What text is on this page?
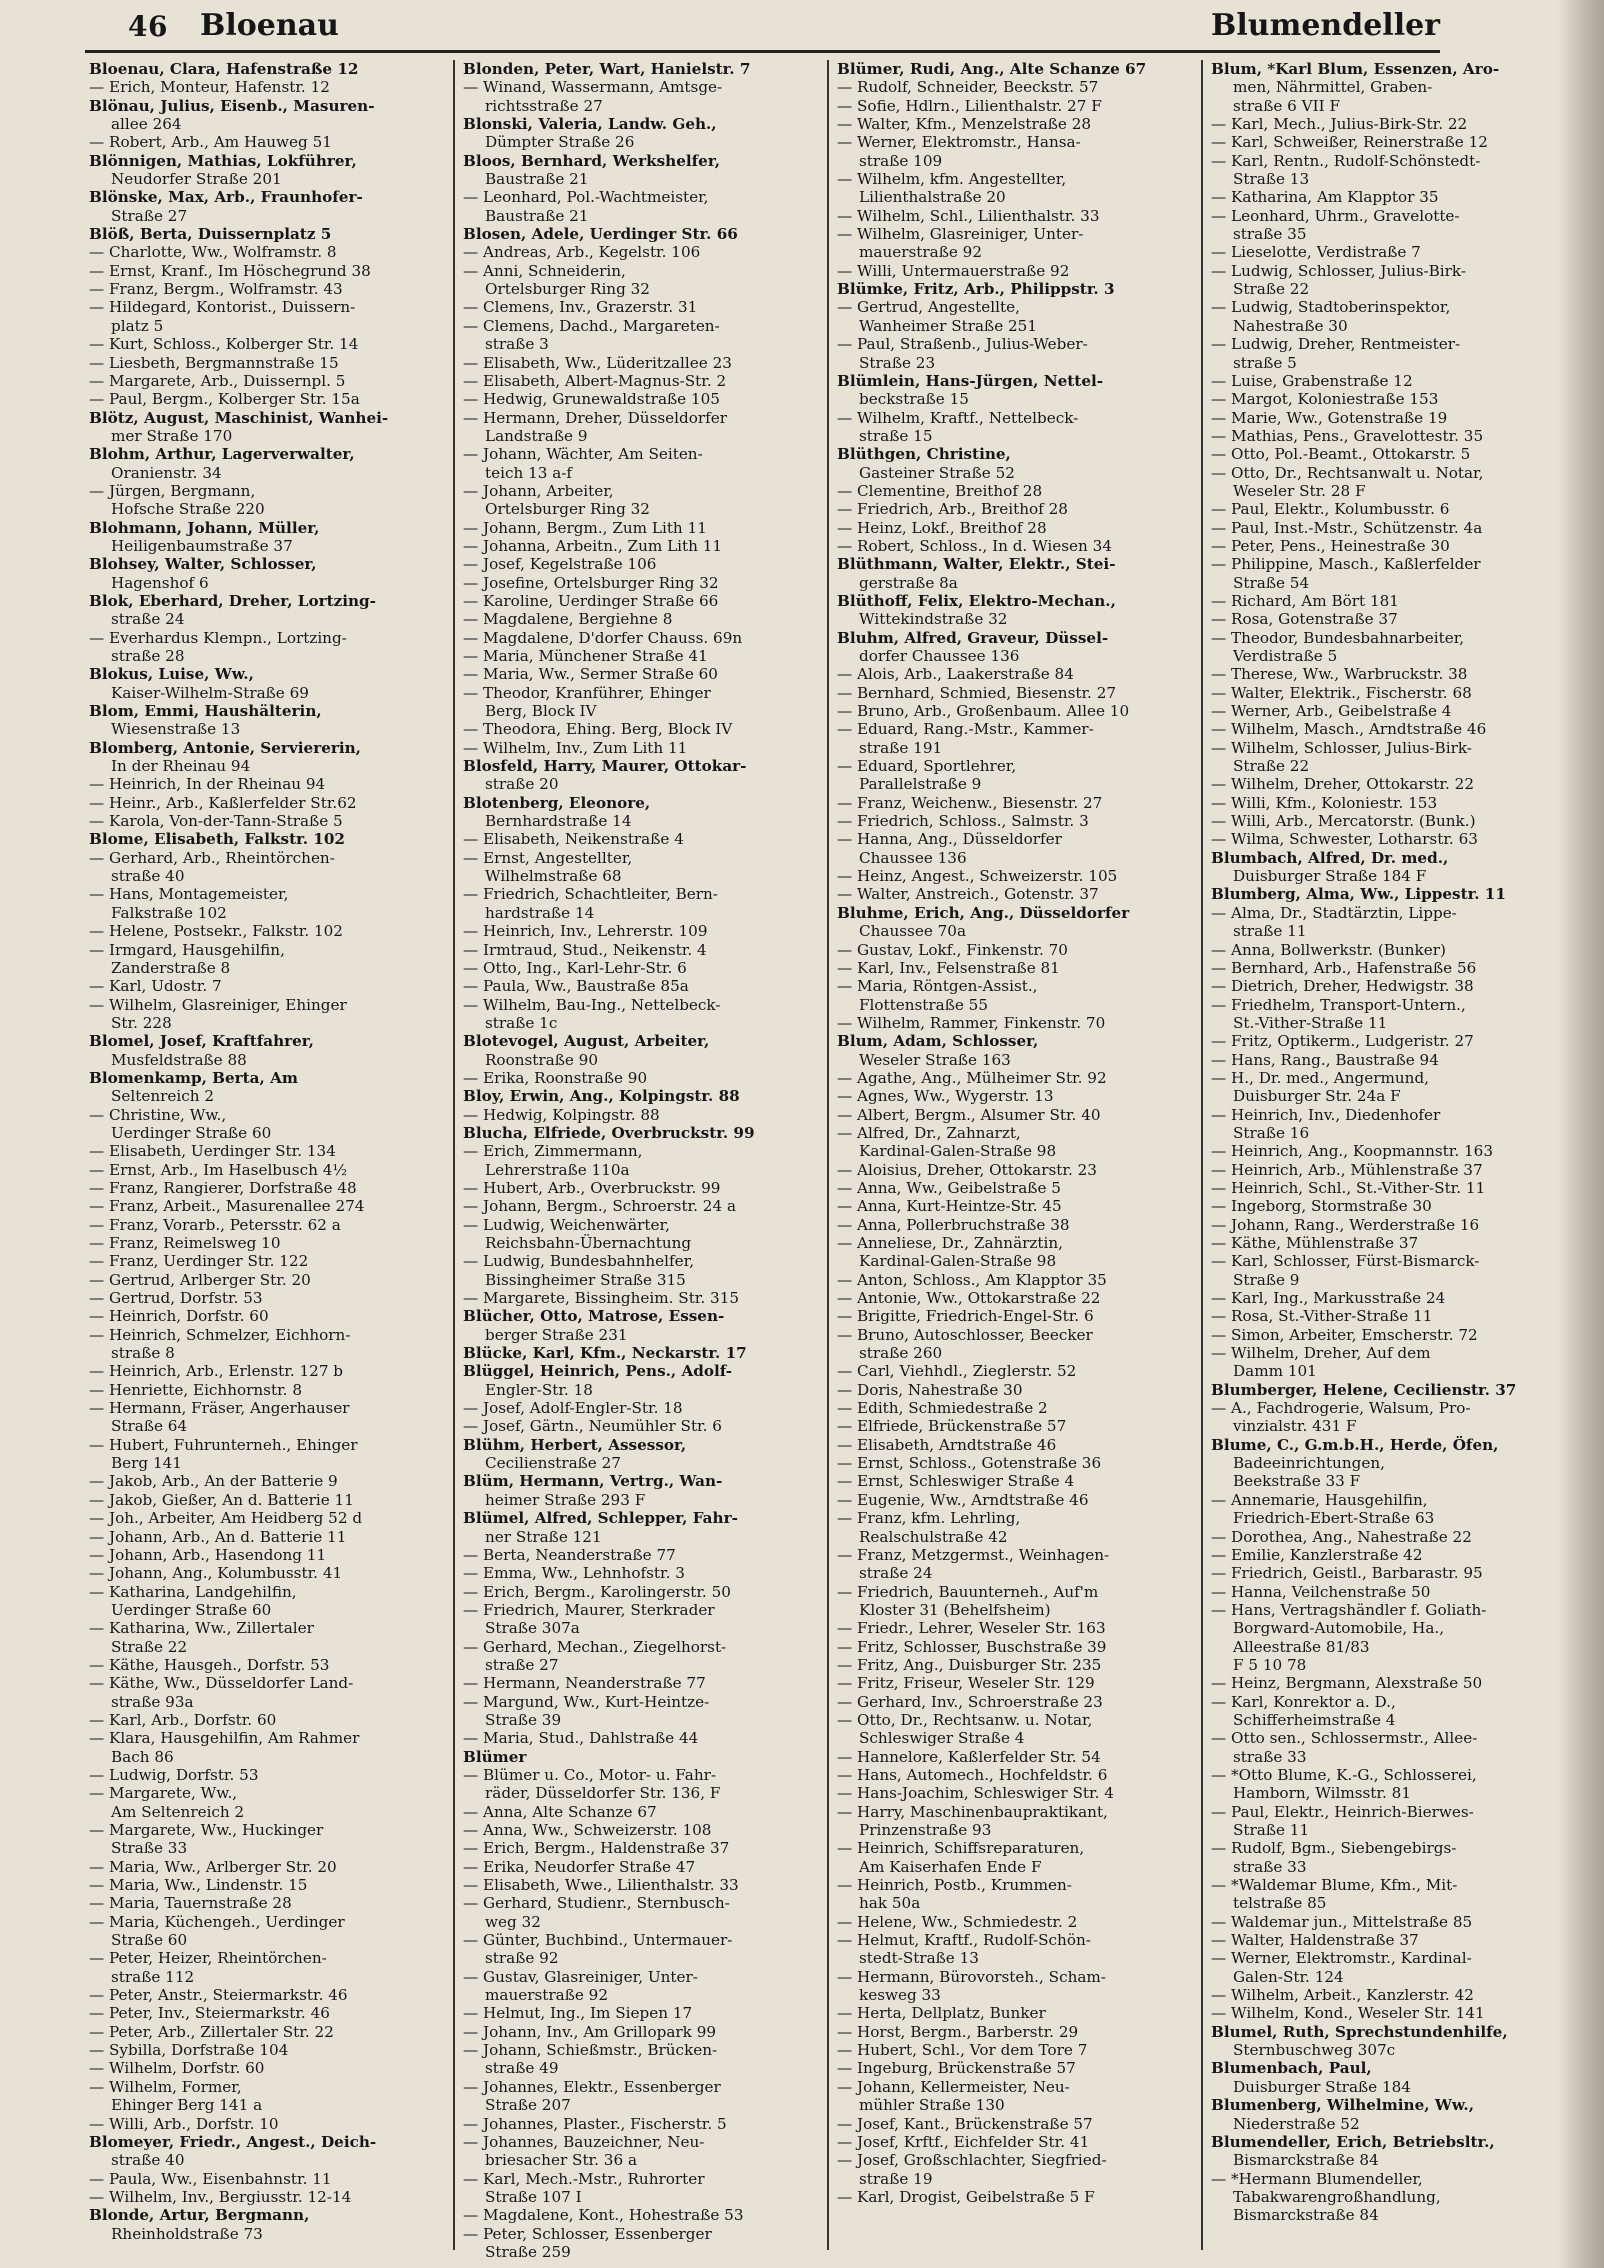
46 Bloenau	Blumendeller
Bloenau, Clara, Hafenstraße 12
— Erich, Monteur, Hafenstr. 12
Blönau, Julius, Eisenb., Masuren-
allee 264
— Robert, Arb., Am Hauweg 51
Blönnigen, Mathias, Lokführer,
Neudorfer Straße 201
Blönske, Max, Arb., Fraunhofer-
Straße 27
Blöß, Berta, Duissernplatz 5
— Charlotte, Ww., Wolframstr. 8
— Ernst, Kranf., Im Höschegrund 38
— Franz, Bergm., Wolframstr. 43
— Hildegard, Kontorist., Duissern-
platz 5
— Kurt, Schloss., Kolberger Str. 14
— Liesbeth, Bergmannstraße 15
— Margarete, Arb., Duissernpl. 5
— Paul, Bergm., Kolberger Str. 15a
Blötz, August, Maschinist, Wanhei-
mer Straße 170
Blohm, Arthur, Lagerverwalter,
Oranienstr. 34
— Jürgen, Bergmann,
Hofsche Straße 220
Blohmann, Johann, Müller,
Heiligenbaumstraße 37
Blohsey, Walter, Schlosser,
Hagenshof 6
Blok, Eberhard, Dreher, Lortzing-
straße 24
— Everhardus Klempn., Lortzing-
straße 28
Blokus, Luise, Ww.,
Kaiser-Wilhelm-Straße 69
Blom, Emmi, Haushälterin,
Wiesenstraße 13
Blomberg, Antonie, Serviererin,
In der Rheinau 94
— Heinrich, In der Rheinau 94
— Heinr., Arb., Kaßlerfelder Str.62
— Karola, Von-der-Tann-Straße 5
Blome, Elisabeth, Falkstr. 102
— Gerhard, Arb., Rheintörchen-
straße 40
— Hans, Montagemeister,
Falkstraße 102
— Helene, Postsekr., Falkstr. 102
— Irmgard, Hausgehilfin,
Zanderstraße 8
— Karl, Udostr. 7
— Wilhelm, Glasreiniger, Ehinger
Str. 228
Blomel, Josef, Kraftfahrer,
Musfeldstraße 88
Blomenkamp, Berta, Am
Seltenreich 2
— Christine, Ww.,
Uerdinger Straße 60
— Elisabeth, Uerdinger Str. 134
— Ernst, Arb., Im Haselbusch 4½
— Franz, Rangierer, Dorfstraße 48
— Franz, Arbeit., Masurenallee 274
— Franz, Vorarb., Petersstr. 62 a
— Franz, Reimelsweg 10
— Franz, Uerdinger Str. 122
— Gertrud, Arlberger Str. 20
— Gertrud, Dorfstr. 53
— Heinrich, Dorfstr. 60
— Heinrich, Schmelzer, Eichhorn-
straße 8
— Heinrich, Arb., Erlenstr. 127 b
— Henriette, Eichhornstr. 8
— Hermann, Fräser, Angerhauser
Straße 64
— Hubert, Fuhrunterneh., Ehinger
Berg 141
— Jakob, Arb., An der Batterie 9
— Jakob, Gießer, An d. Batterie 11
— Joh., Arbeiter, Am Heidberg 52 d
— Johann, Arb., An d. Batterie 11
— Johann, Arb., Hasendong 11
— Johann, Ang., Kolumbusstr. 41
— Katharina, Landgehilfin,
Uerdinger Straße 60
— Katharina, Ww., Zillertaler
Straße 22
— Käthe, Hausgeh., Dorfstr. 53
— Käthe, Ww., Düsseldorfer Land-
straße 93a
— Karl, Arb., Dorfstr. 60
— Klara, Hausgehilfin, Am Rahmer
Bach 86
— Ludwig, Dorfstr. 53
— Margarete, Ww.,
Am Seltenreich 2
— Margarete, Ww., Huckinger
Straße 33
— Maria, Ww., Arlberger Str. 20
— Maria, Ww., Lindenstr. 15
— Maria, Tauernstraße 28
— Maria, Küchengeh., Uerdinger
Straße 60
— Peter, Heizer, Rheintörchen-
straße 112
— Peter, Anstr., Steiermarkstr. 46
— Peter, Inv., Steiermarkstr. 46
— Peter, Arb., Zillertaler Str. 22
— Sybilla, Dorfstraße 104
— Wilhelm, Dorfstr. 60
— Wilhelm, Former,
Ehinger Berg 141 a
— Willi, Arb., Dorfstr. 10
Blomeyer, Friedr., Angest., Deich-
straße 40
— Paula, Ww., Eisenbahnstr. 11
— Wilhelm, Inv., Bergiusstr. 12-14
Blonde, Artur, Bergmann,
Rheinholdstraße 73
Blonden, Peter, Wart, Hanielstr. 7
— Winand, Wassermann, Amtsge-
richtsstraße 27
Blonski, Valeria, Landw. Geh.,
Dümpter Straße 26
Bloos, Bernhard, Werkshelfer,
Baustraße 21
— Leonhard, Pol.-Wachtmeister,
Baustraße 21
Blosen, Adele, Uerdinger Str. 66
— Andreas, Arb., Kegelstr. 106
— Anni, Schneiderin,
Ortelsburger Ring 32
— Clemens, Inv., Grazerstr. 31
— Clemens, Dachd., Margareten-
straße 3
— Elisabeth, Ww., Lüderitzallee 23
— Elisabeth, Albert-Magnus-Str. 2
— Hedwig, Grunewaldstraße 105
— Hermann, Dreher, Düsseldorfer
Landstraße 9
— Johann, Wächter, Am Seiten-
teich 13 a-f
— Johann, Arbeiter,
Ortelsburger Ring 32
— Johann, Bergm., Zum Lith 11
— Johanna, Arbeitn., Zum Lith 11
— Josef, Kegelstraße 106
— Josefine, Ortelsburger Ring 32
— Karoline, Uerdinger Straße 66
— Magdalene, Bergiehne 8
— Magdalene, D'dorfer Chauss. 69n
— Maria, Münchener Straße 41
— Maria, Ww., Sermer Straße 60
— Theodor, Kranführer, Ehinger
Berg, Block IV
— Theodora, Ehing. Berg, Block IV
— Wilhelm, Inv., Zum Lith 11
Blosfeld, Harry, Maurer, Ottokar-
straße 20
Blotenberg, Eleonore,
Bernhardstraße 14
— Elisabeth, Neikenstraße 4
— Ernst, Angestellter,
Wilhelmstraße 68
— Friedrich, Schachtleiter, Bern-
hardstraße 14
— Heinrich, Inv., Lehrerstr. 109
— Irmtraud, Stud., Neikenstr. 4
— Otto, Ing., Karl-Lehr-Str. 6
— Paula, Ww., Baustraße 85a
— Wilhelm, Bau-Ing., Nettelbeck-
straße 1c
Blotevogel, August, Arbeiter,
Roonstraße 90
— Erika, Roonstraße 90
Bloy, Erwin, Ang., Kolpingstr. 88
— Hedwig, Kolpingstr. 88
Blucha, Elfriede, Overbruckstr. 99
— Erich, Zimmermann,
Lehrerstraße 110a
— Hubert, Arb., Overbruckstr. 99
— Johann, Bergm., Schroerstr. 24 a
— Ludwig, Weichenwärter,
Reichsbahn-Übernachtung
— Ludwig, Bundesbahnhelfer,
Bissingheimer Straße 315
— Margarete, Bissingheim. Str. 315
Blücher, Otto, Matrose, Essen-
berger Straße 231
Blücke, Karl, Kfm., Neckarstr. 17
Blüggel, Heinrich, Pens., Adolf-
Engler-Str. 18
— Josef, Adolf-Engler-Str. 18
— Josef, Gärtn., Neumühler Str. 6
Blühm, Herbert, Assessor,
Cecilienstraße 27
Blüm, Hermann, Vertrg., Wan-
heimer Straße 293 F
Blümel, Alfred, Schlepper, Fahr-
ner Straße 121
— Berta, Neanderstraße 77
— Emma, Ww., Lehnhofstr. 3
— Erich, Bergm., Karolingerstr. 50
— Friedrich, Maurer, Sterkrader
Straße 307a
— Gerhard, Mechan., Ziegelhorst-
straße 27
— Hermann, Neanderstraße 77
— Margund, Ww., Kurt-Heintze-
Straße 39
— Maria, Stud., Dahlstraße 44
Blümer
— Blümer u. Co., Motor- u. Fahr-
räder, Düsseldorfer Str. 136, F
— Anna, Alte Schanze 67
— Anna, Ww., Schweizerstr. 108
— Erich, Bergm., Haldenstraße 37
— Erika, Neudorfer Straße 47
— Elisabeth, Wwe., Lilienthalstr. 33
— Gerhard, Studienr., Sternbusch-
weg 32
— Günter, Buchbind., Untermauer-
straße 92
— Gustav, Glasreiniger, Unter-
mauerstraße 92
— Helmut, Ing., Im Siepen 17
— Johann, Inv., Am Grillopark 99
— Johann, Schießmstr., Brücken-
straße 49
— Johannes, Elektr., Essenberger
Straße 207
— Johannes, Plaster., Fischerstr. 5
— Johannes, Bauzeichner, Neu-
briesacher Str. 36 a
— Karl, Mech.-Mstr., Ruhrorter
Straße 107 I
— Magdalene, Kont., Hohestraße 53
— Peter, Schlosser, Essenberger
Straße 259
Blümer, Rudi, Ang., Alte Schanze 67
— Rudolf, Schneider, Beeckstr. 57
— Sofie, Hdlrn., Lilienthalstr. 27 F
— Walter, Kfm., Menzelstraße 28
— Werner, Elektromstr., Hansa-
straße 109
— Wilhelm, kfm. Angestellter,
Lilienthalstraße 20
— Wilhelm, Schl., Lilienthalstr. 33
— Wilhelm, Glasreiniger, Unter-
mauerstraße 92
— Willi, Untermauerstraße 92
Blümke, Fritz, Arb., Philippstr. 3
— Gertrud, Angestellte,
Wanheimer Straße 251
— Paul, Straßenb., Julius-Weber-
Straße 23
Blümlein, Hans-Jürgen, Nettel-
beckstraße 15
— Wilhelm, Kraftf., Nettelbeck-
straße 15
Blüthgen, Christine,
Gasteiner Straße 52
— Clementine, Breithof 28
— Friedrich, Arb., Breithof 28
— Heinz, Lokf., Breithof 28
— Robert, Schloss., In d. Wiesen 34
Blüthmann, Walter, Elektr., Stei-
gerstraße 8a
Blüthoff, Felix, Elektro-Mechan.,
Wittekindstraße 32
Bluhm, Alfred, Graveur, Düssel-
dorfer Chaussee 136
— Alois, Arb., Laakerstraße 84
— Bernhard, Schmied, Biesenstr. 27
— Bruno, Arb., Großenbaum. Allee 10
— Eduard, Rang.-Mstr., Kammer-
straße 191
— Eduard, Sportlehrer,
Parallelstraße 9
— Franz, Weichenw., Biesenstr. 27
— Friedrich, Schloss., Salmstr. 3
— Hanna, Ang., Düsseldorfer
Chaussee 136
— Heinz, Angest., Schweizerstr. 105
— Walter, Anstreich., Gotenstr. 37
Bluhme, Erich, Ang., Düsseldorfer
Chaussee 70a
— Gustav, Lokf., Finkenstr. 70
— Karl, Inv., Felsenstraße 81
— Maria, Röntgen-Assist.,
Flottenstraße 55
— Wilhelm, Rammer, Finkenstr. 70
Blum, Adam, Schlosser,
Weseler Straße 163
— Agathe, Ang., Mülheimer Str. 92
— Agnes, Ww., Wygerstr. 13
— Albert, Bergm., Alsumer Str. 40
— Alfred, Dr., Zahnarzt,
Kardinal-Galen-Straße 98
— Aloisius, Dreher, Ottokarstr. 23
— Anna, Ww., Geibelstraße 5
— Anna, Kurt-Heintze-Str. 45
— Anna, Pollerbruchstraße 38
— Anneliese, Dr., Zahnärztin,
Kardinal-Galen-Straße 98
— Anton, Schloss., Am Klapptor 35
— Antonie, Ww., Ottokarstraße 22
— Brigitte, Friedrich-Engel-Str. 6
— Bruno, Autoschlosser, Beecker
straße 260
— Carl, Viehhdl., Zieglerstr. 52
— Doris, Nahestraße 30
— Edith, Schmiedestraße 2
— Elfriede, Brückenstraße 57
— Elisabeth, Arndtstraße 46
— Ernst, Schloss., Gotenstraße 36
— Ernst, Schleswiger Straße 4
— Eugenie, Ww., Arndtstraße 46
— Franz, kfm. Lehrling,
Realschulstraße 42
— Franz, Metzgermst., Weinhagen-
straße 24
— Friedrich, Bauunterneh., Auf'm
Kloster 31 (Behelfsheim)
— Friedr., Lehrer, Weseler Str. 163
— Fritz, Schlosser, Buschstraße 39
— Fritz, Ang., Duisburger Str. 235
— Fritz, Friseur, Weseler Str. 129
— Gerhard, Inv., Schroerstraße 23
— Otto, Dr., Rechtsanw. u. Notar,
Schleswiger Straße 4
— Hannelore, Kaßlerfelder Str. 54
— Hans, Automech., Hochfeldstr. 6
— Hans-Joachim, Schleswiger Str. 4
— Harry, Maschinenbaupraktikant,
Prinzenstraße 93
— Heinrich, Schiffsreparaturen,
Am Kaiserhafen Ende F
— Heinrich, Postb., Krummen-
hak 50a
— Helene, Ww., Schmiedestr. 2
— Helmut, Kraftf., Rudolf-Schön-
stedt-Straße 13
— Hermann, Bürovorsteh., Scham-
kesweg 33
— Herta, Dellplatz, Bunker
— Horst, Bergm., Barberstr. 29
— Hubert, Schl., Vor dem Tore 7
— Ingeburg, Brückenstraße 57
— Johann, Kellermeister, Neu-
mühler Straße 130
— Josef, Kant., Brückenstraße 57
— Josef, Krftf., Eichfelder Str. 41
— Josef, Großschlachter, Siegfried-
straße 19
— Karl, Drogist, Geibelstraße 5 F
Blum, *Karl Blum, Essenzen, Aro-
men, Nährmittel, Graben-
straße 6 VII F
— Karl, Mech., Julius-Birk-Str. 22
— Karl, Schweißer, Reinerstraße 12
— Karl, Rentn., Rudolf-Schönstedt-
Straße 13
— Katharina, Am Klapptor 35
— Leonhard, Uhrm., Gravelotte-
straße 35
— Lieselotte, Verdistraße 7
— Ludwig, Schlosser, Julius-Birk-
Straße 22
— Ludwig, Stadtoberinspektor,
Nahestraße 30
— Ludwig, Dreher, Rentmeister-
straße 5
— Luise, Grabenstraße 12
— Margot, Koloniestraße 153
— Marie, Ww., Gotenstraße 19
— Mathias, Pens., Gravelottestr. 35
— Otto, Pol.-Beamt., Ottokarstr. 5
— Otto, Dr., Rechtsanwalt u. Notar,
Weseler Str. 28 F
— Paul, Elektr., Kolumbusstr. 6
— Paul, Inst.-Mstr., Schützenstr. 4a
— Peter, Pens., Heinestraße 30
— Philippine, Masch., Kaßlerfelder
Straße 54
— Richard, Am Bört 181
— Rosa, Gotenstraße 37
— Theodor, Bundesbahnarbeiter,
Verdistraße 5
— Therese, Ww., Warbruckstr. 38
— Walter, Elektrik., Fischerstr. 68
— Werner, Arb., Geibelstraße 4
— Wilhelm, Masch., Arndtstraße 46
— Wilhelm, Schlosser, Julius-Birk-
Straße 22
— Wilhelm, Dreher, Ottokarstr. 22
— Willi, Kfm., Koloniestr. 153
— Willi, Arb., Mercatorstr. (Bunk.)
— Wilma, Schwester, Lotharstr. 63
Blumbach, Alfred, Dr. med.,
Duisburger Straße 184 F
Blumberg, Alma, Ww., Lippestr. 11
— Alma, Dr., Stadtärztin, Lippe-
straße 11
— Anna, Bollwerkstr. (Bunker)
— Bernhard, Arb., Hafenstraße 56
— Dietrich, Dreher, Hedwigstr. 38
— Friedhelm, Transport-Untern.,
St.-Vither-Straße 11
— Fritz, Optikerm., Ludgeristr. 27
— Hans, Rang., Baustraße 94
— H., Dr. med., Angermund,
Duisburger Str. 24a F
— Heinrich, Inv., Diedenhofer
Straße 16
— Heinrich, Ang., Koopmannstr. 163
— Heinrich, Arb., Mühlenstraße 37
— Heinrich, Schl., St.-Vither-Str. 11
— Ingeborg, Stormstraße 30
— Johann, Rang., Werderstraße 16
— Käthe, Mühlenstraße 37
— Karl, Schlosser, Fürst-Bismarck-
Straße 9
— Karl, Ing., Markusstraße 24
— Rosa, St.-Vither-Straße 11
— Simon, Arbeiter, Emscherstr. 72
— Wilhelm, Dreher, Auf dem
Damm 101
Blumberger, Helene, Cecilienstr. 37
— A., Fachdrogerie, Walsum, Pro-
vinzialstr. 431 F
Blume, C., G.m.b.H., Herde, Öfen,
Badeeinrichtungen,
Beekstraße 33 F
— Annemarie, Hausgehilfin,
Friedrich-Ebert-Straße 63
— Dorothea, Ang., Nahestraße 22
— Emilie, Kanzlerstraße 42
— Friedrich, Geistl., Barbarastr. 95
— Hanna, Veilchenstraße 50
— Hans, Vertragshändler f. Goliath-
Borgward-Automobile, Ha.,
Alleestraße 81/83
F 5 10 78
— Heinz, Bergmann, Alexstraße 50
— Karl, Konrektor a. D.,
Schifferheimstraße 4
— Otto sen., Schlossermstr., Allee-
straße 33
— *Otto Blume, K.-G., Schlosserei,
Hamborn, Wilmsstr. 81
— Paul, Elektr., Heinrich-Bierwes-
Straße 11
— Rudolf, Bgm., Siebengebirgs-
straße 33
— *Waldemar Blume, Kfm., Mit-
telstraße 85
— Waldemar jun., Mittelstraße 85
— Walter, Haldenstraße 37
— Werner, Elektromstr., Kardinal-
Galen-Str. 124
— Wilhelm, Arbeit., Kanzlerstr. 42
— Wilhelm, Kond., Weseler Str. 141
Blumel, Ruth, Sprechstundenhilfe,
Sternbuschweg 307c
Blumenbach, Paul,
Duisburger Straße 184
Blumenberg, Wilhelmine, Ww.,
Niederstraße 52
Blumendeller, Erich, Betriebsltr.,
Bismarckstraße 84
— *Hermann Blumendeller,
Tabakwarengroßhandlung,
Bismarckstraße 84
